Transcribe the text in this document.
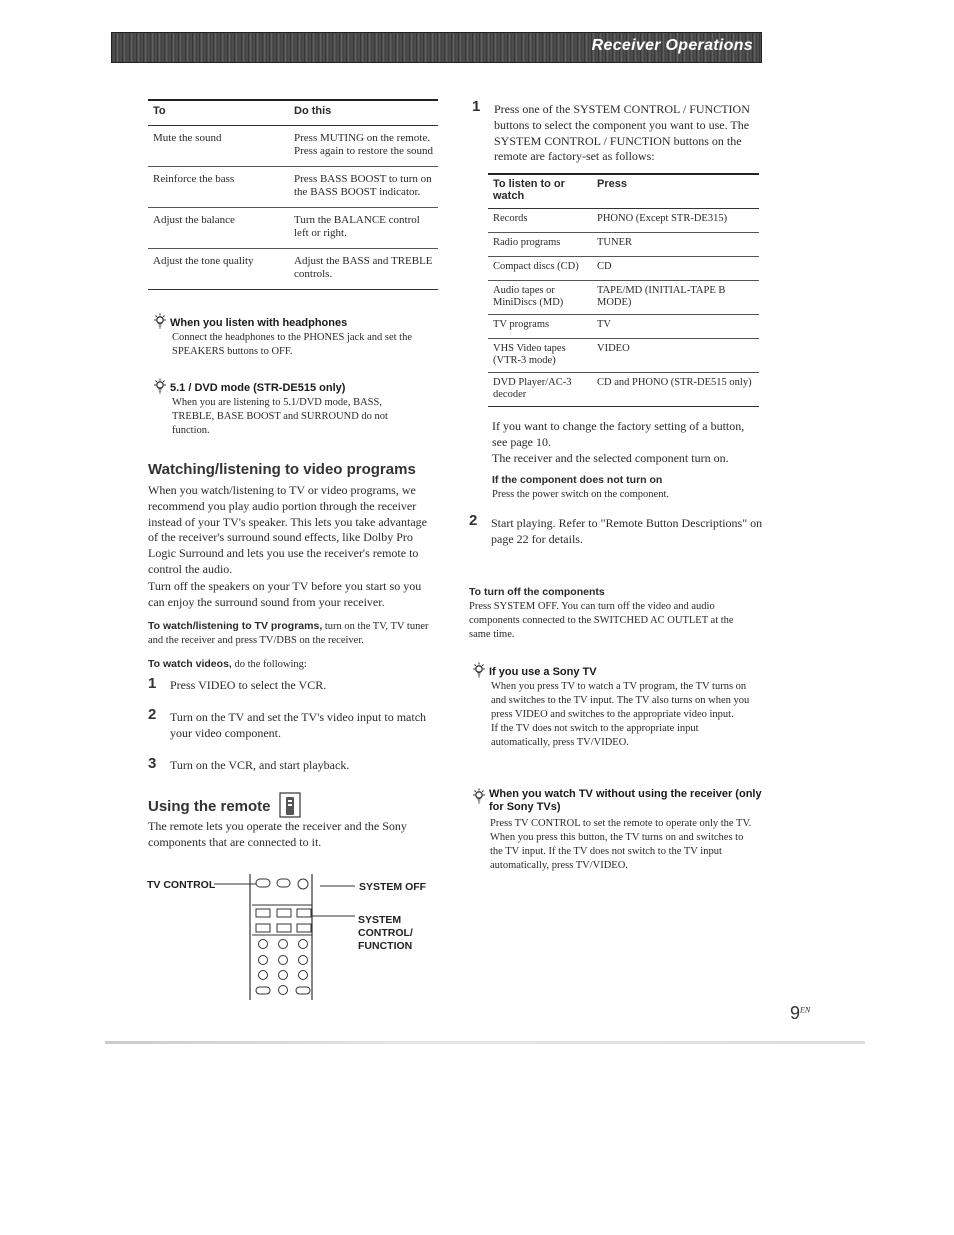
Receiver Operations
To	Do this
Mute the sound	Press MUTING on the remote. Press again to restore the sound
Reinforce the bass	Press BASS BOOST to turn on the BASS BOOST indicator.
Adjust the balance	Turn the BALANCE control left or right.
Adjust the tone quality	Adjust the BASS and TREBLE controls.
When you listen with headphones
Connect the headphones to the PHONES jack and set the SPEAKERS buttons to OFF.
5.1 / DVD mode (STR-DE515 only)
When you are listening to 5.1/DVD mode, BASS, TREBLE, BASE BOOST and SURROUND do not function.
Watching/listening to video programs
When you watch/listening to TV or video programs, we recommend you play audio portion through the receiver instead of your TV's speaker. This lets you take advantage of the receiver's surround sound effects, like Dolby Pro Logic Surround and lets you use the receiver's remote to control the audio.
Turn off the speakers on your TV before you start so you can enjoy the surround sound from your receiver.
To watch/listening to TV programs, turn on the TV, TV tuner and the receiver and press TV/DBS on the receiver.
To watch videos, do the following:
1 Press VIDEO to select the VCR.
2 Turn on the TV and set the TV's video input to match your video component.
3 Turn on the VCR, and start playback.
Using the remote
The remote lets you operate the receiver and the Sony components that are connected to it.
TV CONTROL	SYSTEM OFF
SYSTEM CONTROL/ FUNCTION
1 Press one of the SYSTEM CONTROL / FUNCTION buttons to select the component you want to use. The SYSTEM CONTROL / FUNCTION buttons on the remote are factory-set as follows:
To listen to or watch	Press
Records	PHONO (Except STR-DE315)
Radio programs	TUNER
Compact discs (CD)	CD
Audio tapes or MiniDiscs (MD)	TAPE/MD (INITIAL-TAPE B MODE)
TV programs	TV
VHS Video tapes (VTR-3 mode)	VIDEO
DVD Player/AC-3 decoder	CD and PHONO (STR-DE515 only)
If you want to change the factory setting of a button, see page 10.
The receiver and the selected component turn on.
If the component does not turn on
Press the power switch on the component.
2 Start playing. Refer to "Remote Button Descriptions" on page 22 for details.
To turn off the components
Press SYSTEM OFF. You can turn off the video and audio components connected to the SWITCHED AC OUTLET at the same time.
If you use a Sony TV
When you press TV to watch a TV program, the TV turns on and switches to the TV input. The TV also turns on when you press VIDEO and switches to the appropriate video input.
If the TV does not switch to the appropriate input automatically, press TV/VIDEO.
When you watch TV without using the receiver (only for Sony TVs)
Press TV CONTROL to set the remote to operate only the TV. When you press this button, the TV turns on and switches to the TV input. If the TV does not switch to the TV input automatically, press TV/VIDEO.
$9^{EN}$
